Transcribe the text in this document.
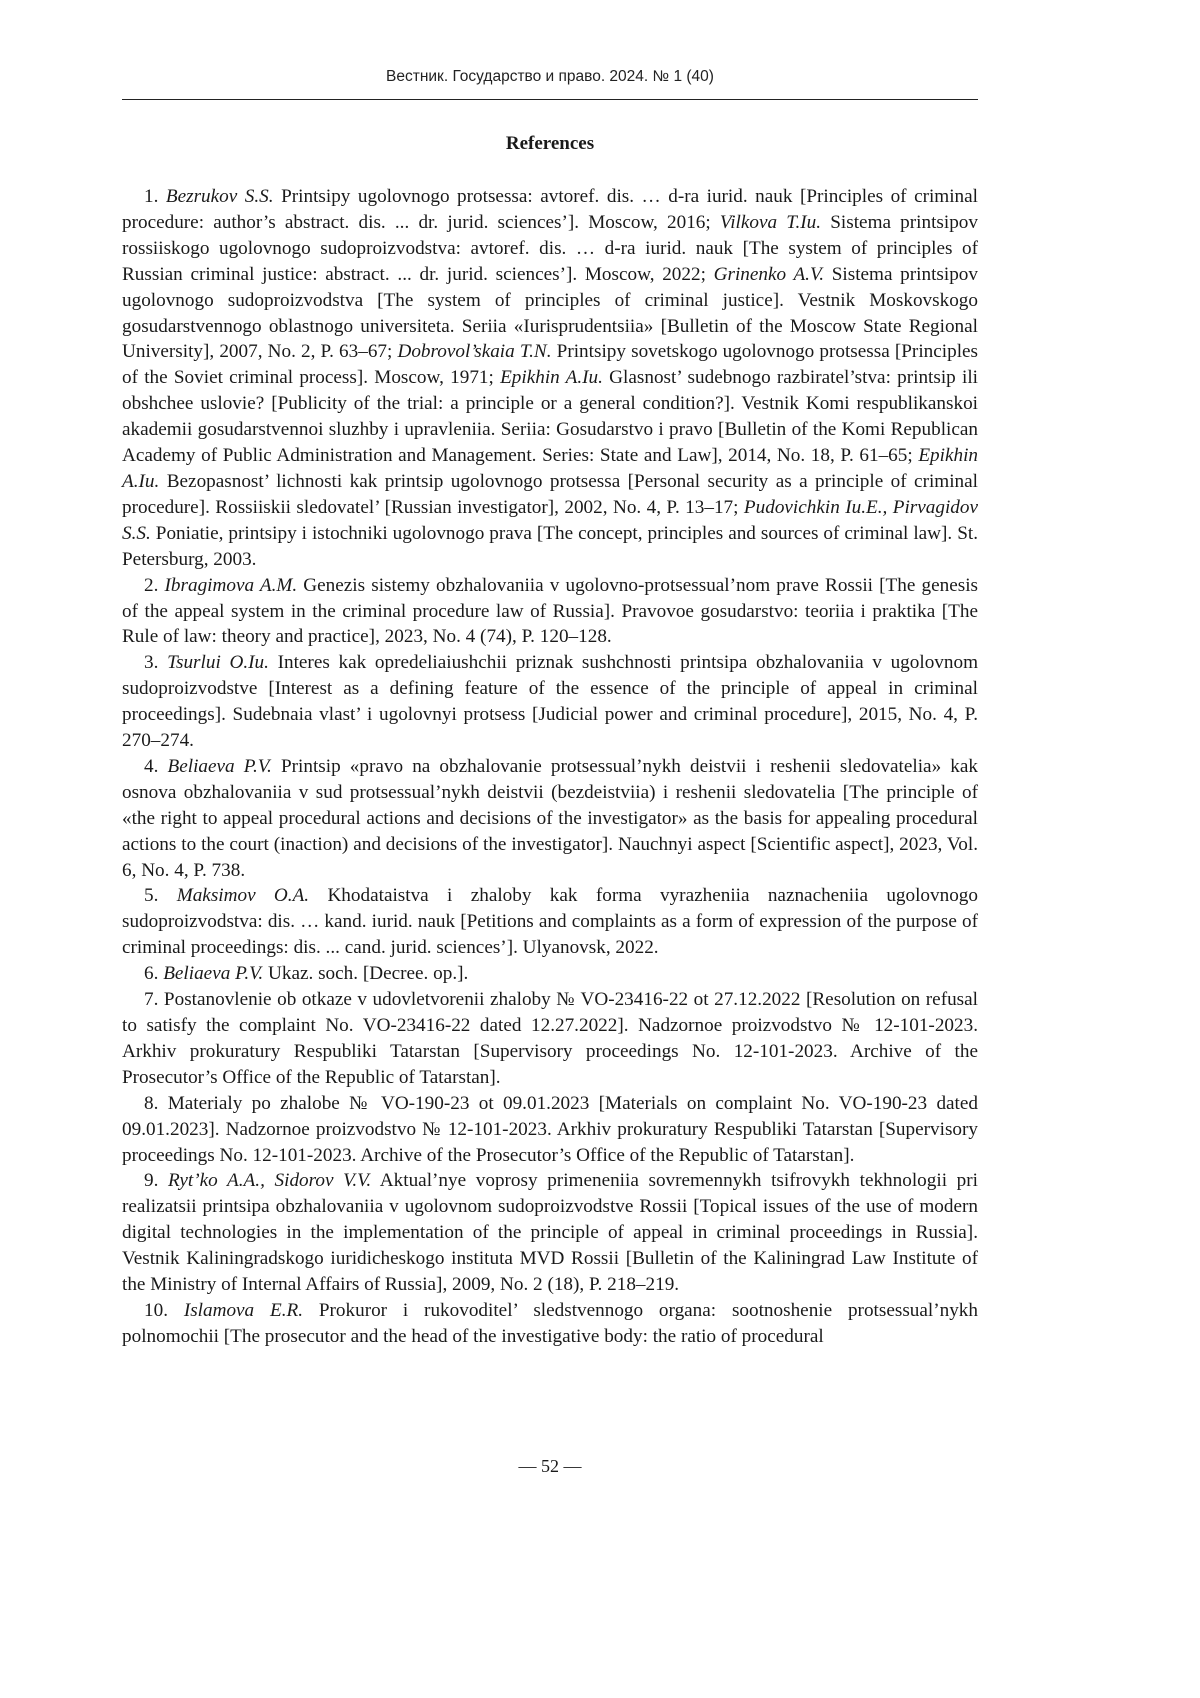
Вестник. Государство и право. 2024. № 1 (40)
References

1. Bezrukov S.S. Printsipy ugolovnogo protsessa: avtoref. dis. … d-ra iurid. nauk [Principles of criminal procedure: author’s abstract. dis. ... dr. jurid. sciences’]. Moscow, 2016; Vilkova T.Iu. Sistema printsipov rossiiskogo ugolovnogo sudoproizvodstva: avtoref. dis. … d-ra iurid. nauk [The system of principles of Russian criminal justice: abstract. ... dr. jurid. sciences’]. Moscow, 2022; Grinenko A.V. Sistema printsipov ugolovnogo sudoproizvodstva [The system of principles of criminal justice]. Vestnik Moskovskogo gosudarstvennogo oblastnogo universiteta. Seriia «Iurisprudentsiia» [Bulletin of the Moscow State Regional University], 2007, No. 2, P. 63–67; Dobrovol’skaia T.N. Printsipy sovetskogo ugolovnogo protsessa [Principles of the Soviet criminal process]. Moscow, 1971; Epikhin A.Iu. Glasnost’ sudebnogo razbiratel’stva: printsip ili obshchee uslovie? [Publicity of the trial: a principle or a general condition?]. Vestnik Komi respublikanskoi akademii gosudarstvennoi sluzhby i upravleniia. Seriia: Gosudarstvo i pravo [Bulletin of the Komi Republican Academy of Public Administration and Management. Series: State and Law], 2014, No. 18, P. 61–65; Epikhin A.Iu. Bezopasnost’ lichnosti kak printsip ugolovnogo protsessa [Personal security as a principle of criminal procedure]. Rossiiskii sledovatel’ [Russian investigator], 2002, No. 4, P. 13–17; Pudovichkin Iu.E., Pirvagidov S.S. Poniatie, printsipy i istochniki ugolovnogo prava [The concept, principles and sources of criminal law]. St. Petersburg, 2003.

2. Ibragimova A.M. Genezis sistemy obzhalovaniia v ugolovno-protsessual’nom prave Rossii [The genesis of the appeal system in the criminal procedure law of Russia]. Pravovoe gosudarstvo: teoriia i praktika [The Rule of law: theory and practice], 2023, No. 4 (74), P. 120–128.

3. Tsurlui O.Iu. Interes kak opredeliaiushchii priznak sushchnosti printsipa obzhalovaniia v ugolovnom sudoproizvodstve [Interest as a defining feature of the essence of the principle of appeal in criminal proceedings]. Sudebnaia vlast’ i ugolovnyi protsess [Judicial power and criminal procedure], 2015, No. 4, P. 270–274.

4. Beliaeva P.V. Printsip «pravo na obzhalovanie protsessual’nykh deistvii i reshenii sledovatelia» kak osnova obzhalovaniia v sud protsessual’nykh deistvii (bezdeistviia) i reshenii sledovatelia [The principle of «the right to appeal procedural actions and decisions of the investigator» as the basis for appealing procedural actions to the court (inaction) and decisions of the investigator]. Nauchnyi aspect [Scientific aspect], 2023, Vol. 6, No. 4, P. 738.

5. Maksimov O.A. Khodataistva i zhaloby kak forma vyrazheniia naznacheniia ugolovnogo sudoproizvodstva: dis. … kand. iurid. nauk [Petitions and complaints as a form of expression of the purpose of criminal proceedings: dis. ... cand. jurid. sciences’]. Ulyanovsk, 2022.

6. Beliaeva P.V. Ukaz. soch. [Decree. op.].

7. Postanovlenie ob otkaze v udovletvorenii zhaloby № VO-23416-22 ot 27.12.2022 [Resolution on refusal to satisfy the complaint No. VO-23416-22 dated 12.27.2022]. Nadzornoe proizvodstvo № 12-101-2023. Arkhiv prokuratury Respubliki Tatarstan [Supervisory proceedings No. 12-101-2023. Archive of the Prosecutor’s Office of the Republic of Tatarstan].

8. Materialy po zhalobe № VO-190-23 ot 09.01.2023 [Materials on complaint No. VO-190-23 dated 09.01.2023]. Nadzornoe proizvodstvo № 12-101-2023. Arkhiv prokuratury Respubliki Tatarstan [Supervisory proceedings No. 12-101-2023. Archive of the Prosecutor’s Office of the Republic of Tatarstan].

9. Ryt’ko A.A., Sidorov V.V. Aktual’nye voprosy primeneniia sovremennykh tsifrovykh tekhnologii pri realizatsii printsipa obzhalovaniia v ugolovnom sudoproizvodstve Rossii [Topical issues of the use of modern digital technologies in the implementation of the principle of appeal in criminal proceedings in Russia]. Vestnik Kaliningradskogo iuridicheskogo instituta MVD Rossii [Bulletin of the Kaliningrad Law Institute of the Ministry of Internal Affairs of Russia], 2009, No. 2 (18), P. 218–219.

10. Islamova E.R. Prokuror i rukovoditel’ sledstvennogo organa: sootnoshenie protsessual’nykh polnomochii [The prosecutor and the head of the investigative body: the ratio of procedural

— 52 —
